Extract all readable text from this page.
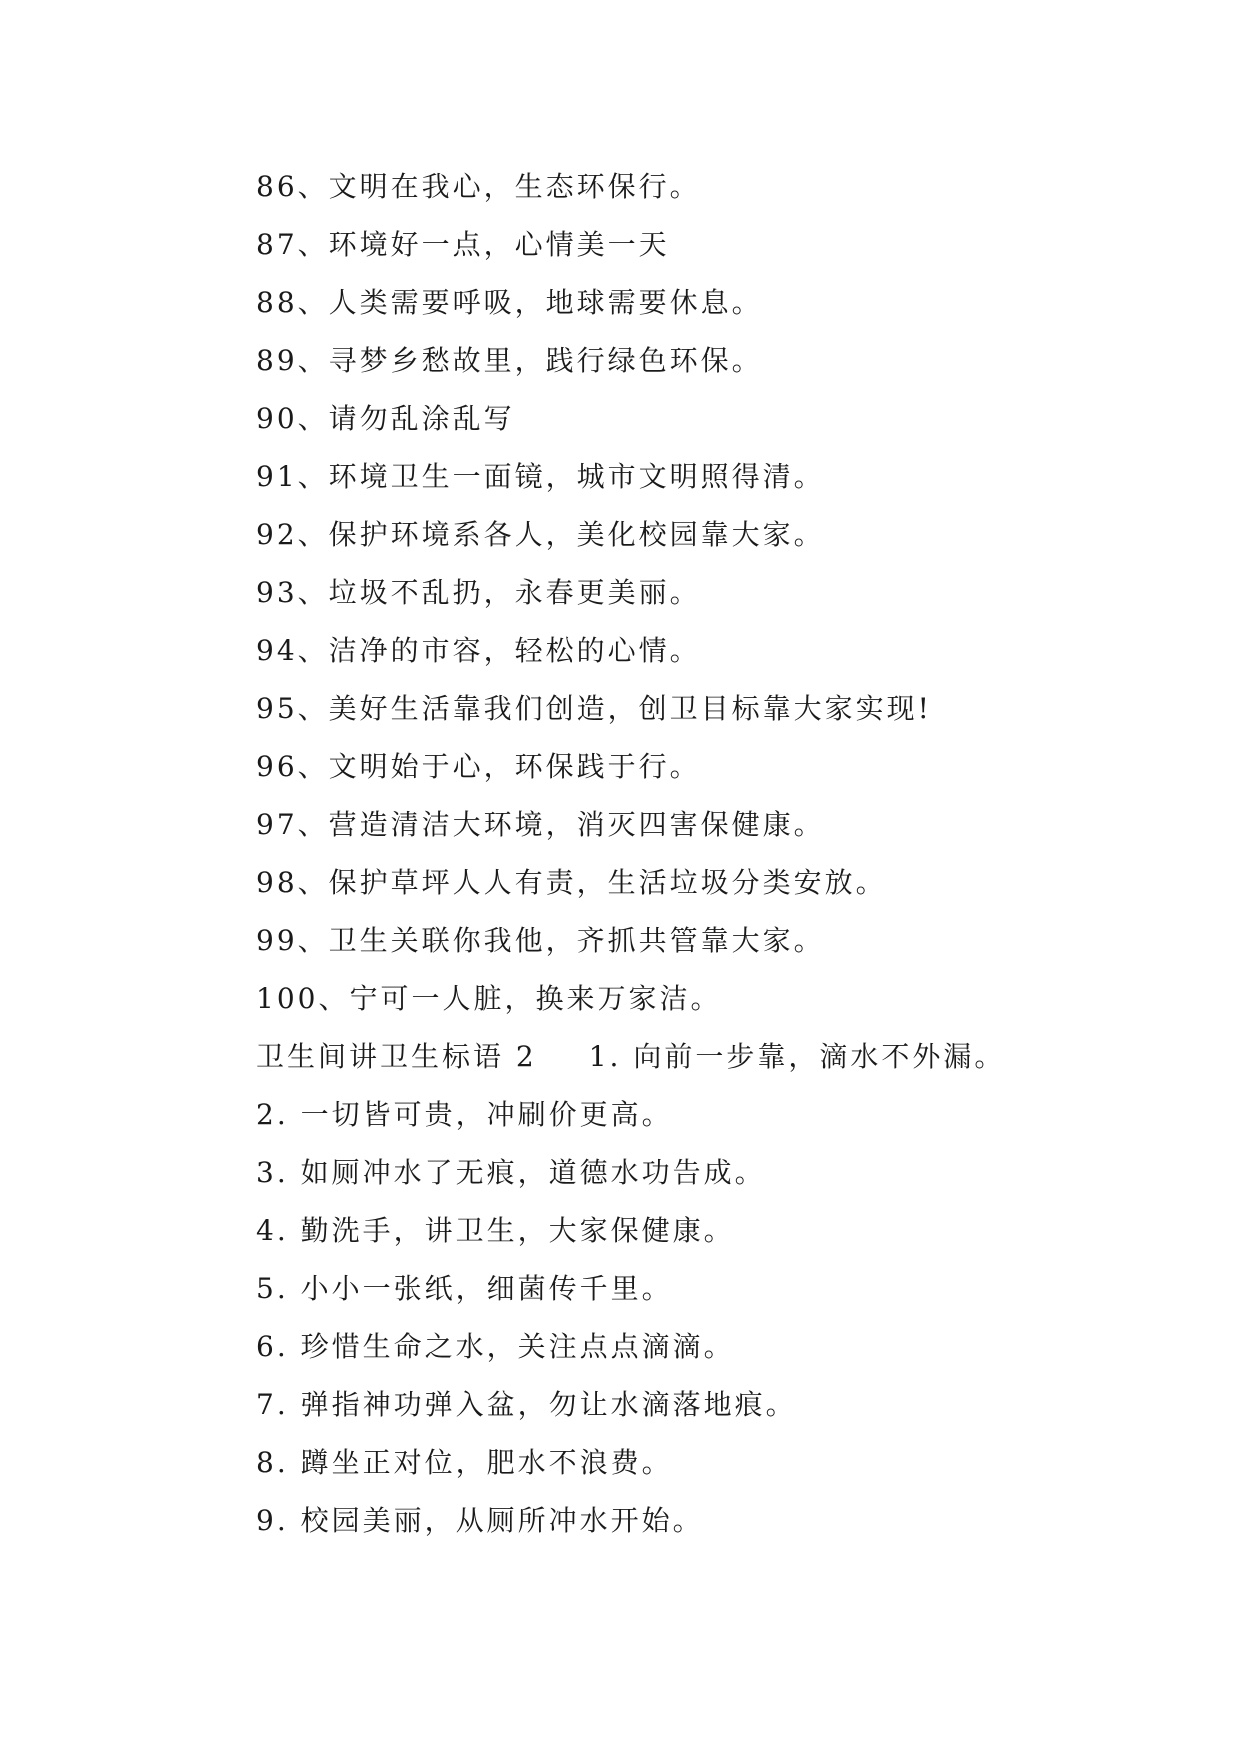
86、文明在我心，生态环保行。
87、环境好一点，心情美一天
88、人类需要呼吸，地球需要休息。
89、寻梦乡愁故里，践行绿色环保。
90、请勿乱涂乱写
91、环境卫生一面镜，城市文明照得清。
92、保护环境系各人，美化校园靠大家。
93、垃圾不乱扔，永春更美丽。
94、洁净的市容，轻松的心情。
95、美好生活靠我们创造，创卫目标靠大家实现!
96、文明始于心，环保践于行。
97、营造清洁大环境，消灭四害保健康。
98、保护草坪人人有责，生活垃圾分类安放。
99、卫生关联你我他，齐抓共管靠大家。
100、宁可一人脏，换来万家洁。
卫生间讲卫生标语 2 1. 向前一步靠，滴水不外漏。
2. 一切皆可贵，冲刷价更高。
3. 如厕冲水了无痕，道德水功告成。
4. 勤洗手，讲卫生，大家保健康。
5. 小小一张纸，细菌传千里。
6. 珍惜生命之水，关注点点滴滴。
7. 弹指神功弹入盆，勿让水滴落地痕。
8. 蹲坐正对位，肥水不浪费。
9. 校园美丽，从厕所冲水开始。
